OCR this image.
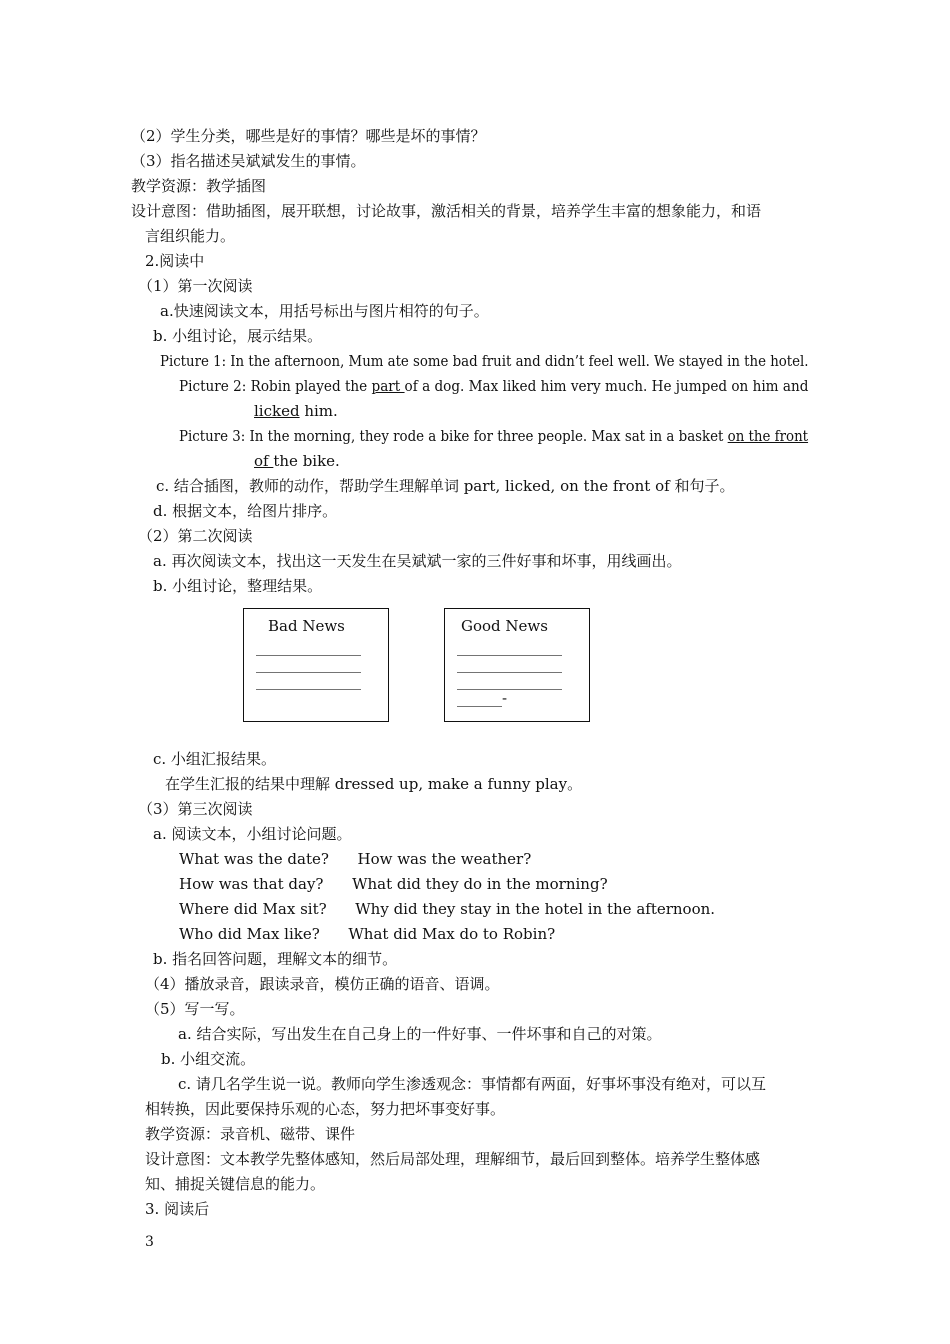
（2）学生分类，哪些是好的事情？哪些是坏的事情？
（3）指名描述吴斌斌发生的事情。
教学资源：教学插图
设计意图：借助插图，展开联想，讨论故事，激活相关的背景，培养学生丰富的想象能力，和语
言组织能力。
2.阅读中
（1）第一次阅读
a.快速阅读文本，用括号标出与图片相符的句子。
b. 小组讨论，展示结果。
Picture 1: In the afternoon, Mum ate some bad fruit and didn’t feel well. We stayed in the hotel.
Picture 2: Robin played the part of a dog. Max liked him very much. He jumped on him and
licked him.
Picture 3: In the morning, they rode a bike for three people. Max sat in a basket on the front
of the bike.
c. 结合插图，教师的动作，帮助学生理解单词 part, licked, on the front of 和句子。
d. 根据文本，给图片排序。
（2）第二次阅读
a. 再次阅读文本，找出这一天发生在吴斌斌一家的三件好事和坏事，用线画出。
b. 小组讨论，整理结果。
Bad News
______________
______________
______________
Good News
______________
______________
______________
______-
c. 小组汇报结果。
在学生汇报的结果中理解 dressed up, make a funny play。
（3）第三次阅读
a. 阅读文本，小组讨论问题。
What was the date?      How was the weather?
How was that day?      What did they do in the morning?
Where did Max sit?      Why did they stay in the hotel in the afternoon.
Who did Max like?      What did Max do to Robin?
b. 指名回答问题，理解文本的细节。
（4）播放录音，跟读录音，模仿正确的语音、语调。
（5）写一写。
a. 结合实际，写出发生在自己身上的一件好事、一件坏事和自己的对策。
b. 小组交流。
c. 请几名学生说一说。教师向学生渗透观念：事情都有两面，好事坏事没有绝对，可以互
相转换，因此要保持乐观的心态，努力把坏事变好事。
教学资源：录音机、磁带、课件
设计意图：文本教学先整体感知，然后局部处理，理解细节，最后回到整体。培养学生整体感
知、捕捉关键信息的能力。
3. 阅读后
3
